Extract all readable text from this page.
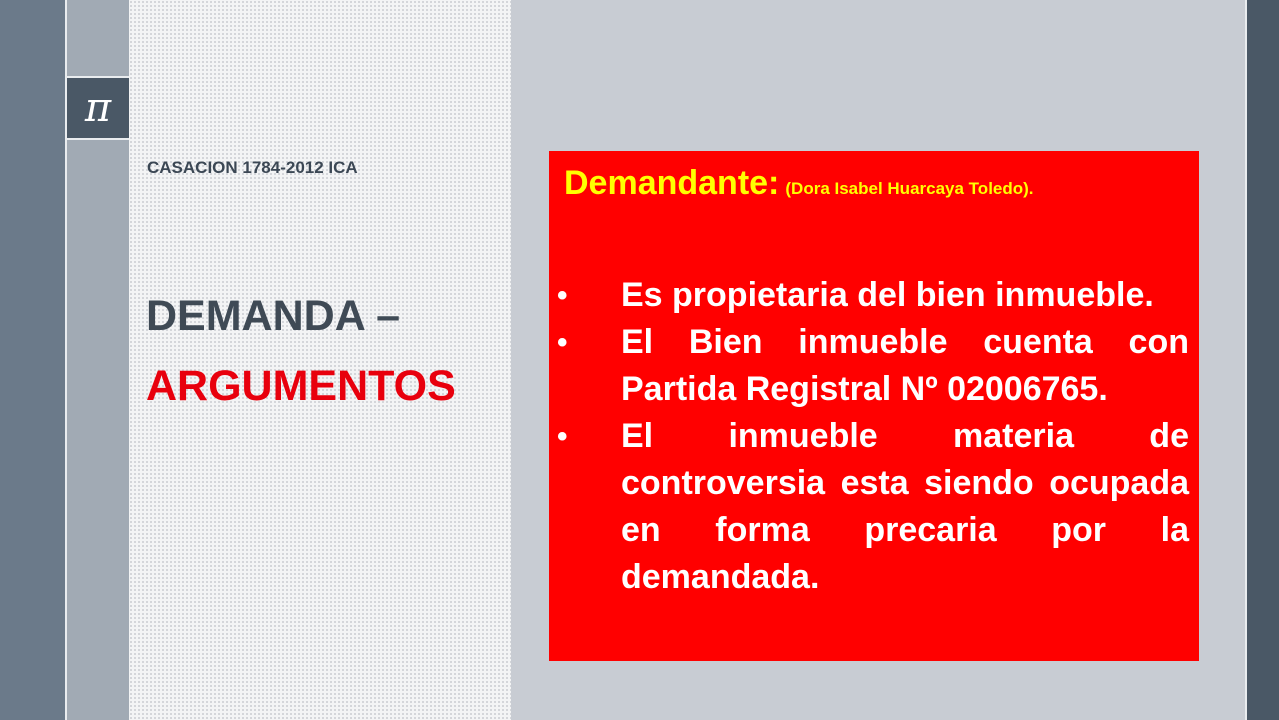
π
CASACION 1784-2012 ICA
DEMANDA –
ARGUMENTOS
Demandante: (Dora Isabel Huarcaya Toledo).
• Es propietaria del bien inmueble.
• El Bien inmueble cuenta con Partida Registral Nº 02006765.
• El inmueble materia de controversia esta siendo ocupada en forma precaria por la demandada.
